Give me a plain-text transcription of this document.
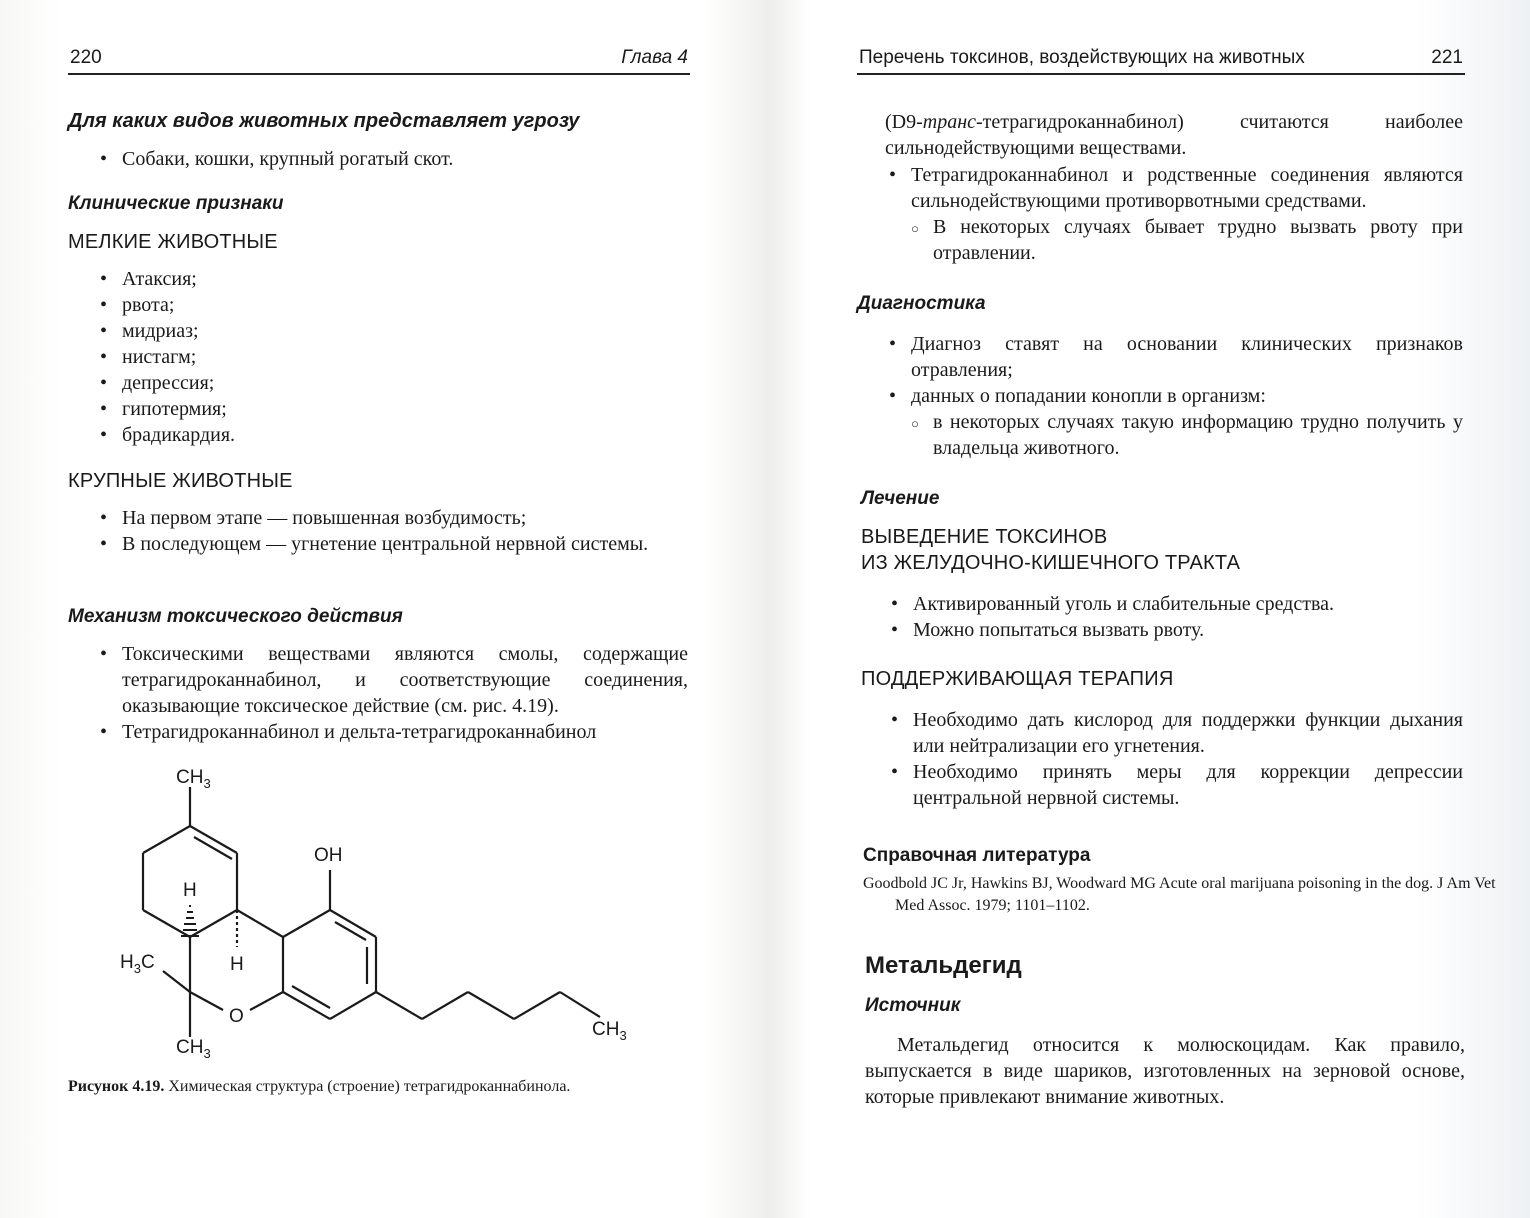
220	Глава 4
Для каких видов животных представляет угрозу
• Собаки, кошки, крупный рогатый скот.
Клинические признаки
МЕЛКИЕ ЖИВОТНЫЕ
• Атаксия;
• рвота;
• мидриаз;
• нистагм;
• депрессия;
• гипотермия;
• брадикардия.
КРУПНЫЕ ЖИВОТНЫЕ
• На первом этапе — повышенная возбудимость;
• В последующем — угнетение центральной нервной системы.
Механизм токсического действия
• Токсическими веществами являются смолы, содержащие тетрагидроканнабинол, и соответствующие соединения, оказывающие токсическое действие (см. рис. 4.19).
• Тетрагидроканнабинол и дельта-тетрагидроканнабинол
$CH_3$
OH
H
H
$H_3C$
O
$CH_3$
$CH_3$
Рисунок 4.19. Химическая структура (строение) тетрагидроканнабинола.
Перечень токсинов, воздействующих на животных	221
(D9-транс-тетрагидроканнабинол) считаются наиболее сильнодействующими веществами.
• Тетрагидроканнабинол и родственные соединения являются сильнодействующими противорвотными средствами.
○ В некоторых случаях бывает трудно вызвать рвоту при отравлении.
Диагностика
• Диагноз ставят на основании клинических признаков отравления;
• данных о попадании конопли в организм:
○ в некоторых случаях такую информацию трудно получить у владельца животного.
Лечение
ВЫВЕДЕНИЕ ТОКСИНОВ
ИЗ ЖЕЛУДОЧНО-КИШЕЧНОГО ТРАКТА
• Активированный уголь и слабительные средства.
• Можно попытаться вызвать рвоту.
ПОДДЕРЖИВАЮЩАЯ ТЕРАПИЯ
• Необходимо дать кислород для поддержки функции дыхания или нейтрализации его угнетения.
• Необходимо принять меры для коррекции депрессии центральной нервной системы.
Справочная литература
Goodbold JC Jr, Hawkins BJ, Woodward MG Acute oral marijuana poisoning in the dog. J Am Vet Med Assoc. 1979; 1101–1102.
Метальдегид
Источник
Метальдегид относится к молюскоцидам. Как правило, выпускается в виде шариков, изготовленных на зерновой основе, которые привлекают внимание животных.
